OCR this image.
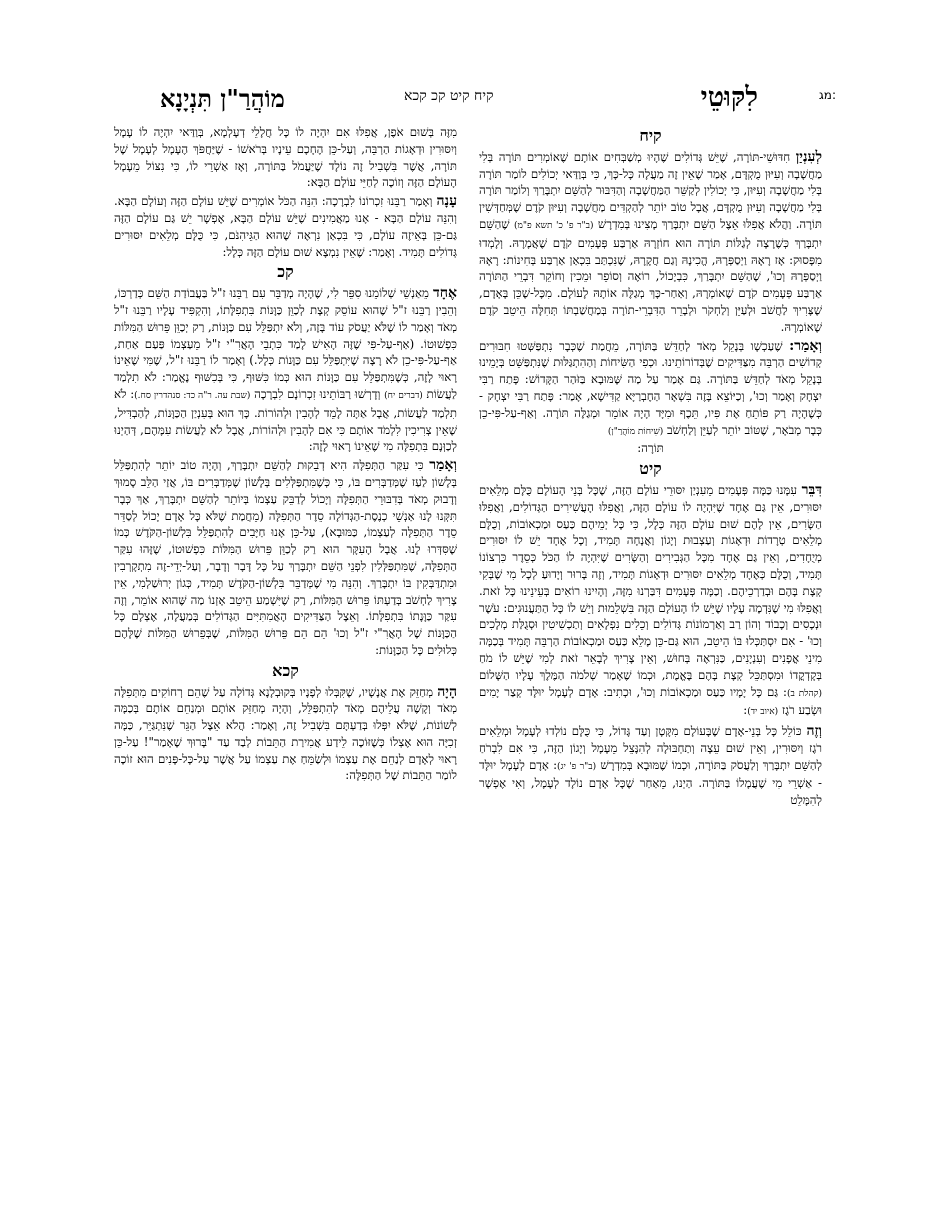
מג:
לִקּוּטֵי
קיח קיט קכ קכא
מוֹהֲרַ"ן תִּנְיָנָא
קיח

לְעִנְיַן חִדּוּשֵׁי-תּוֹרָה, שֶׁיֵּשׁ גְּדוֹלִים שֶׁהָיוּ מְשַׁבְּחִים אוֹתָם שֶׁאוֹמְרִים תּוֹרָה בְּלִי מַחֲשָׁבָה וְעִיּוּן מֻקְדָּם, אָמַר שֶׁאֵין זֶה מַעֲלָה כָּל-כָּךְ, כִּי בְּוַדַּאי יְכוֹלִים לוֹמַר תּוֹרָה בְּלִי מַחֲשָׁבָה וְעִיּוּן, כִּי יְכוֹלִין לְקַשֵּׁר הַמַּחֲשָׁבָה וְהַדִּבּוּר לְהַשֵּׁם יִתְבָּרַךְ וְלוֹמַר תּוֹרָה בְּלִי מַחֲשָׁבָה וְעִיּוּן מֻקְדָּם, אֲבָל טוֹב יוֹתֵר לְהַקְדִּים מַחֲשָׁבָה וְעִיּוּן קֹדֶם שֶׁמְּחַדְּשִׁין תּוֹרָה. וַהֲלֹא אֲפִלּוּ אֵצֶל הַשֵּׁם יִתְבָּרַךְ מָצִינוּ בְּמִדְרָשׁ (ב"ר פ' כ' תשא פ"מ) שֶׁהַשֵּׁם יִתְבָּרַךְ כְּשֶׁרָצָה לְגַלּוֹת תּוֹרָה הוּא חוֹזְרָהּ אַרְבַּע פְּעָמִים קֹדֶם שֶׁאֲמָרָהּ. וְלָמְדוּ מִפָּסוּק: אָז רָאָהּ וַיְסַפְּרָהּ, הֱכִינָהּ וְגַם חֲקָרָהּ, שֶׁנִּכְתַּב בִּכְאַן אַרְבַּע בְּחִינוֹת: רָאָהּ וַיְסַפְּרָהּ וְכוּ', שֶׁהַשֵּׁם יִתְבָּרַךְ, כִּבְיָכוֹל, רוֹאֶה וְסוֹפֵר וּמֵכִין וְחוֹקֵר דִּבְרֵי הַתּוֹרָה אַרְבַּע פְּעָמִים קֹדֶם שֶׁאוֹמְרָהּ, וְאַחַר-כָּךְ מְגַלֶּה אוֹתָהּ לָעוֹלָם. מִכָּל-שֶׁכֵּן בָּאָדָם, שֶׁצָּרִיךְ לַחֲשֹׁב וּלְעַיֵּן וְלַחְקֹר וּלְבָרֵר הַדִּבְרֵי-תוֹרָה בְּמַחֲשַׁבְתּוֹ תְּחִלָּה הֵיטֵב קֹדֶם שֶׁאוֹמְרָהּ.

וְאָמַר: שֶׁעַכְשָׁו בְּנָקֵל מְאֹד לְחַדֵּשׁ בַּתּוֹרָה, מֵחֲמַת שֶׁכְּבָר נִתְפַּשְּׁטוּ חִבּוּרִים קְדוֹשִׁים הַרְבֵּה מִצַּדִּיקִים שֶׁבְּדוֹרוֹתֵינוּ. וּכְפִי הַשִּׂיחוֹת וְהַהִתְגַּלּוּת שֶׁנִּתְפַּשֵּׁט בְּיָמֵינוּ בְּנָקֵל מְאֹד לְחַדֵּשׁ בַּתּוֹרָה. גַּם אָמַר עַל מַה שֶּׁמּוּבָא בַּזֹּהַר הַקָּדוֹשׁ: פָּתַח רַבִּי יִצְחָק וְאָמַר וְכוּ', וְכַיּוֹצֵא בָּזֶה בִּשְׁאָר הַחֶבְרַיָּא קַדִּישָׁא, אָמַר: פָּתַח רַבִּי יִצְחָק - כְּשֶׁהָיָה רַק פּוֹתֵחַ אֶת פִּיו, תֵּכֶף וּמִיָּד הָיָה אוֹמֵר וּמְגַלֶּה תּוֹרָה. וְאַף-עַל-פִּי-כֵן כְּבָר מְבֹאָר, שֶׁטּוֹב יוֹתֵר לְעַיֵּן וְלַחְשֹׁב (שִׁיחוֹת מוֹהֲרַ"ן)
תּוֹרָה:

קיט

דִּבֵּר עִמָּנוּ כַּמָּה פְּעָמִים מֵעִנְיַן יִסּוּרֵי עוֹלָם הַזֶּה, שֶׁכָּל בְּנֵי הָעוֹלָם כֻּלָּם מְלֵאִים יִסּוּרִים, אֵין גַּם אֶחָד שֶׁיִּהְיֶה לוֹ עוֹלָם הַזֶּה, וַאֲפִלּוּ הָעֲשִׁירִים הַגְּדוֹלִים, וַאֲפִלּוּ הַשָּׂרִים, אֵין לָהֶם שׁוּם עוֹלָם הַזֶּה כְּלָל, כִּי כָּל יְמֵיהֶם כַּעַס וּמַכְאוֹבוֹת, וְכֻלָּם מְלֵאִים טְרָדוֹת וּדְאָגוֹת וְעַצְבוּת וְיָגוֹן וַאֲנָחָה תָּמִיד, וְכָל אֶחָד יֵשׁ לוֹ יִסּוּרִים מְיֻחָדִים, וְאֵין גַּם אֶחָד מִכָּל הַגְּבִירִים וְהַשָּׂרִים שֶׁיִּהְיֶה לוֹ הַכֹּל כְּסֵדֶר כִּרְצוֹנוֹ תָּמִיד, וְכֻלָּם כְּאֶחָד מְלֵאִים יִסּוּרִים וּדְאָגוֹת תָּמִיד, וְזֶה בָּרוּר וְיָדוּעַ לְכָל מִי שֶׁבְּקִי קְצָת בָּהֶם וּבְדַרְכֵיהֶם. וְכַמָּה פְּעָמִים דִּבַּרְנוּ מִזֶּה, וְהָיִינוּ רוֹאִים בְּעֵינֵינוּ כָּל זֹאת. וַאֲפִלּוּ מִי שֶׁנִּדְמֶה עָלָיו שֶׁיֵּשׁ לוֹ הָעוֹלָם הַזֶּה בִּשְׁלֵמוּת וְיֵשׁ לוֹ כָּל הַתַּעֲנוּגִים: עֹשֶׁר וּנְכָסִים וְכָבוֹד וְהוֹן רַב וְאַרְמוֹנוֹת גְּדוֹלִים וְכֵלִים נִפְלָאִים וְתַכְשִׁיטִין וּסְגֻלַּת מְלָכִים וְכוּ' - אִם יִסְתַּכְּלוּ בּוֹ הֵיטֵב, הוּא גַּם-כֵּן מָלֵא כַּעַס וּמַכְאוֹבוֹת הַרְבֵּה תָּמִיד בְּכַמָּה מִינֵי אֳפָנִים וְעִנְיָנִים, כַּנִּרְאֶה בְּחוּשׁ, וְאֵין צָרִיךְ לְבָאֵר זֹאת לְמִי שֶׁיֵּשׁ לוֹ מֹחַ בְּקָדְקֳדוֹ וּמִסְתַּכֵּל קְצָת בָּהֶם בֶּאֱמֶת, וּכְמוֹ שֶׁאָמַר שְׁלֹמֹה הַמֶּלֶךְ עָלָיו הַשָּׁלוֹם (קהלת ב): גַּם כָּל יָמָיו כַּעַס וּמַכְאוֹבוֹת וְכוּ', וּכְתִיב: אָדָם לְעָמָל יוּלָּד קְצַר יָמִים וּשְׂבַע רֹגֶז (איוב יד):

וְזֶה כּוֹלֵל כָּל בְּנֵי-אָדָם שֶׁבָּעוֹלָם מִקָּטָן וְעַד גָּדוֹל, כִּי כֻּלָּם נוֹלְדוּ לְעָמָל וּמְלֵאִים רֹגֶז וְיִסּוּרִין, וְאֵין שׁוּם עֵצָה וְתַחְבּוּלָה לְהִנָּצֵל מֵעָמָל וְיָגוֹן הַזֶּה, כִּי אִם לִבְרֹחַ לְהַשֵּׁם יִתְבָּרַךְ וְלַעֲסֹק בַּתּוֹרָה, וּכְמוֹ שֶׁמּוּבָא בְּמִדְרָשׁ (ב"ר פ' יג): אָדָם לְעָמָל יוּלָּד - אַשְׁרֵי מִי שֶׁעֲמָלוֹ בַּתּוֹרָה. הַיְנוּ, מֵאַחַר שֶׁכָּל אָדָם נוֹלָד לְעָמָל, וְאִי אֶפְשָׁר לְהִמָּלֵט

מִזֶּה בְּשׁוּם אֹפֶן, אֲפִלּוּ אִם יִהְיֶה לוֹ כָּל חֲלָלֵי דְעָלְמָא, בְּוַדַּאי יִהְיֶה לוֹ עָמָל וְיִסּוּרִין וּדְאָגוֹת הַרְבֵּה, וְעַל-כֵּן הֶחָכָם עֵינָיו בְּרֹאשׁוֹ - שֶׁיַּחֲפֹּךְ הֶעָמָל לְעָמָל שֶׁל תּוֹרָה, אֲשֶׁר בִּשְׁבִיל זֶה נוֹלָד שֶׁיַּעֲמֹל בַּתּוֹרָה, וְאָז אַשְׁרֵי לוֹ, כִּי נִצּוֹל מֵעָמָל הָעוֹלָם הַזֶּה וְזוֹכֶה לְחַיֵּי עוֹלָם הַבָּא:

עָנָה וְאָמַר רַבֵּנוּ זִכְרוֹנוֹ לִבְרָכָה: הִנֵּה הַכֹּל אוֹמְרִים שֶׁיֵּשׁ עוֹלָם הַזֶּה וְעוֹלָם הַבָּא. וְהִנֵּה עוֹלָם הַבָּא - אָנוּ מַאֲמִינִים שֶׁיֵּשׁ עוֹלָם הַבָּא, אֶפְשָׁר יֵשׁ גַּם עוֹלָם הַזֶּה גַּם-כֵּן בְּאֵיזֶה עוֹלָם, כִּי בִּכְאַן נִרְאֶה שֶׁהוּא הַגֵּיהִנֹּם, כִּי כֻּלָּם מְלֵאִים יִסּוּרִים גְּדוֹלִים תָּמִיד. וְאָמַר: שֶׁאֵין נִמְצָא שׁוּם עוֹלָם הַזֶּה כְּלָל:

קכ

אֶחָד מֵאַנְשֵׁי שְׁלוֹמֵנוּ סִפֵּר לִי, שֶׁהָיָה מְדַבֵּר עִם רַבֵּנוּ ז"ל בַּעֲבוֹדַת הַשֵּׁם כְּדַרְכּוֹ, וְהֵבִין רַבֵּנוּ ז"ל שֶׁהוּא עוֹסֵק קְצָת לְכַוֵּן כַּוָּנוֹת בִּתְפִלָּתוֹ, וְהִקְפִּיד עָלָיו רַבֵּנוּ ז"ל מְאֹד וְאָמַר לוֹ שֶׁלֹּא יַעֲסֹק עוֹד בָּזֶה, וְלֹא יִתְפַּלֵּל עִם כַּוָּנוֹת, רַק יְכַוֵּן פֵּרוּשׁ הַמִּלּוֹת כִּפְשׁוּטוֹ. (אַף-עַל-פִּי שֶׁזֶּה הָאִישׁ לָמַד כִּתְבֵי הָאֲרִ"י ז"ל מֵעַצְמוֹ פַּעַם אַחַת, אַף-עַל-פִּי-כֵן לֹא רָצָה שֶׁיִּתְפַּלֵּל עִם כַּוָּנוֹת כְּלָל.) וְאָמַר לוֹ רַבֵּנוּ ז"ל, שֶׁמִּי שֶׁאֵינוֹ רָאוּי לָזֶה, כְּשֶׁמִּתְפַּלֵּל עִם כַּוָּנוֹת הוּא כְּמוֹ כִּשּׁוּף, כִּי בְּכִשּׁוּף נֶאֱמַר: לֹא תִלְמַד לַעֲשׂוֹת (דברים יח) וְדָרְשׁוּ רַבּוֹתֵינוּ זִכְרוֹנָם לִבְרָכָה (שבת עה. ר"ה כד: סנהדרין סח.): לֹא תִלְמַד לַעֲשׂוֹת, אֲבָל אַתָּה לָמֵד לְהָבִין וּלְהוֹרוֹת. כָּךְ הוּא בְּעִנְיַן הַכַּוָּנוֹת, לְהַבְדִּיל, שֶׁאֵין צְרִיכִין לִלְמֹד אוֹתָם כִּי אִם לְהָבִין וּלְהוֹרוֹת, אֲבָל לֹא לַעֲשׂוֹת עִמָּהֶם, דְּהַיְנוּ לְכַוְּנָם בִּתְפִלָּה מִי שֶׁאֵינוֹ רָאוּי לָזֶה:

וְאָמַר כִּי עִקַּר הַתְּפִלָּה הִיא דְבֵקוּת לְהַשֵּׁם יִתְבָּרַךְ, וְהָיָה טוֹב יוֹתֵר לְהִתְפַּלֵּל בְּלָשׁוֹן לַעַז שֶׁמְּדַבְּרִים בּוֹ, כִּי כְּשֶׁמִּתְפַּלְּלִים בְּלָשׁוֹן שֶׁמְּדַבְּרִים בּוֹ, אֲזַי הַלֵּב סָמוּךְ וְדָבוּק מְאֹד בְּדִבּוּרֵי הַתְּפִלָּה וְיָכוֹל לְדַבֵּק עַצְמוֹ בְּיוֹתֵר לְהַשֵּׁם יִתְבָּרַךְ, אַךְ כְּבָר תִּקְּנוּ לָנוּ אַנְשֵׁי כְנֶסֶת-הַגְּדוֹלָה סֵדֶר הַתְּפִלָּה (מֵחֲמַת שֶׁלֹּא כָּל אָדָם יָכוֹל לְסַדֵּר סֵדֶר הַתְּפִלָּה לְעַצְמוֹ, כַּמּוּבָא), עַל-כֵּן אָנוּ חַיָּבִים לְהִתְפַּלֵּל בִּלְשׁוֹן-הַקֹּדֶשׁ כְּמוֹ שֶׁסִּדְּרוּ לָנוּ. אֲבָל הָעִקָּר הוּא רַק לְכַוֵּן פֵּרוּשׁ הַמִּלּוֹת כִּפְשׁוּטוֹ, שֶׁזֶּהוּ עִקַּר הַתְּפִלָּה, שֶׁמִּתְפַּלְּלִין לִפְנֵי הַשֵּׁם יִתְבָּרַךְ עַל כָּל דָּבָר וְדָבָר, וְעַל-יְדֵי-זֶה מִתְקָרְבִין וּמִתְדַּבְּקִין בּוֹ יִתְבָּרַךְ. וְהִנֵּה מִי שֶׁמְּדַבֵּר בִּלְשׁוֹן-הַקֹּדֶשׁ תָּמִיד, כְּגוֹן יְרוּשַׁלְמִי, אֵין צָרִיךְ לַחְשֹׁב בְּדַעְתּוֹ פֵּרוּשׁ הַמִּלּוֹת, רַק שֶׁיִּשְׁמַע הֵיטֵב אָזְנוֹ מַה שֶּׁהוּא אוֹמֵר, וְזֶה עִקַּר כַּוָּנָתוֹ בִּתְפִלָּתוֹ. וְאֵצֶל הַצַּדִּיקִים הָאֲמִתִּיִּים הַגְּדוֹלִים בְּמַעֲלָה, אֶצְלָם כָּל הַכַּוָּנוֹת שֶׁל הָאֲרִ"י ז"ל וְכוּ' הֵם הֵם פֵּרוּשׁ הַמִּלּוֹת, שֶׁבְּפֵרוּשׁ הַמִּלּוֹת שֶׁלָּהֶם כְּלוּלִים כָּל הַכַּוָּנוֹת:

קכא

הָיָה מְחַזֵּק אֶת אֲנָשָׁיו, שֶׁקִּבְּלוּ לְפָנָיו בְּקוּבְלָנָא גְּדוֹלָה עַל שֶׁהֵם רְחוֹקִים מִתְּפִלָּה מְאֹד וְקָשֶׁה עֲלֵיהֶם מְאֹד לְהִתְפַּלֵּל, וְהָיָה מְחַזֵּק אוֹתָם וּמְנַחֵם אוֹתָם בְּכַמָּה לְשׁוֹנוֹת, שֶׁלֹּא יִפְּלוּ בְּדַעְתָּם בִּשְׁבִיל זֶה, וְאָמַר: הֲלֹא אֵצֶל הַגֵּר שֶׁנִּתְגַּיֵּר, כַּמָּה זְכִיָּה הוּא אֶצְלוֹ כְּשֶׁזּוֹכֶה לֵידַע אֲמִירַת הַתֵּבוֹת לְבַד עַד "בָּרוּךְ שֶׁאָמַר"! עַל-כֵּן רָאוּי לְאָדָם לְנַחֵם אֶת עַצְמוֹ וּלְשַׂמֵּחַ אֶת עַצְמוֹ עַל אֲשֶׁר עַל-כָּל-פָּנִים הוּא זוֹכֶה לוֹמַר הַתֵּבוֹת שֶׁל הַתְּפִלָּה:
